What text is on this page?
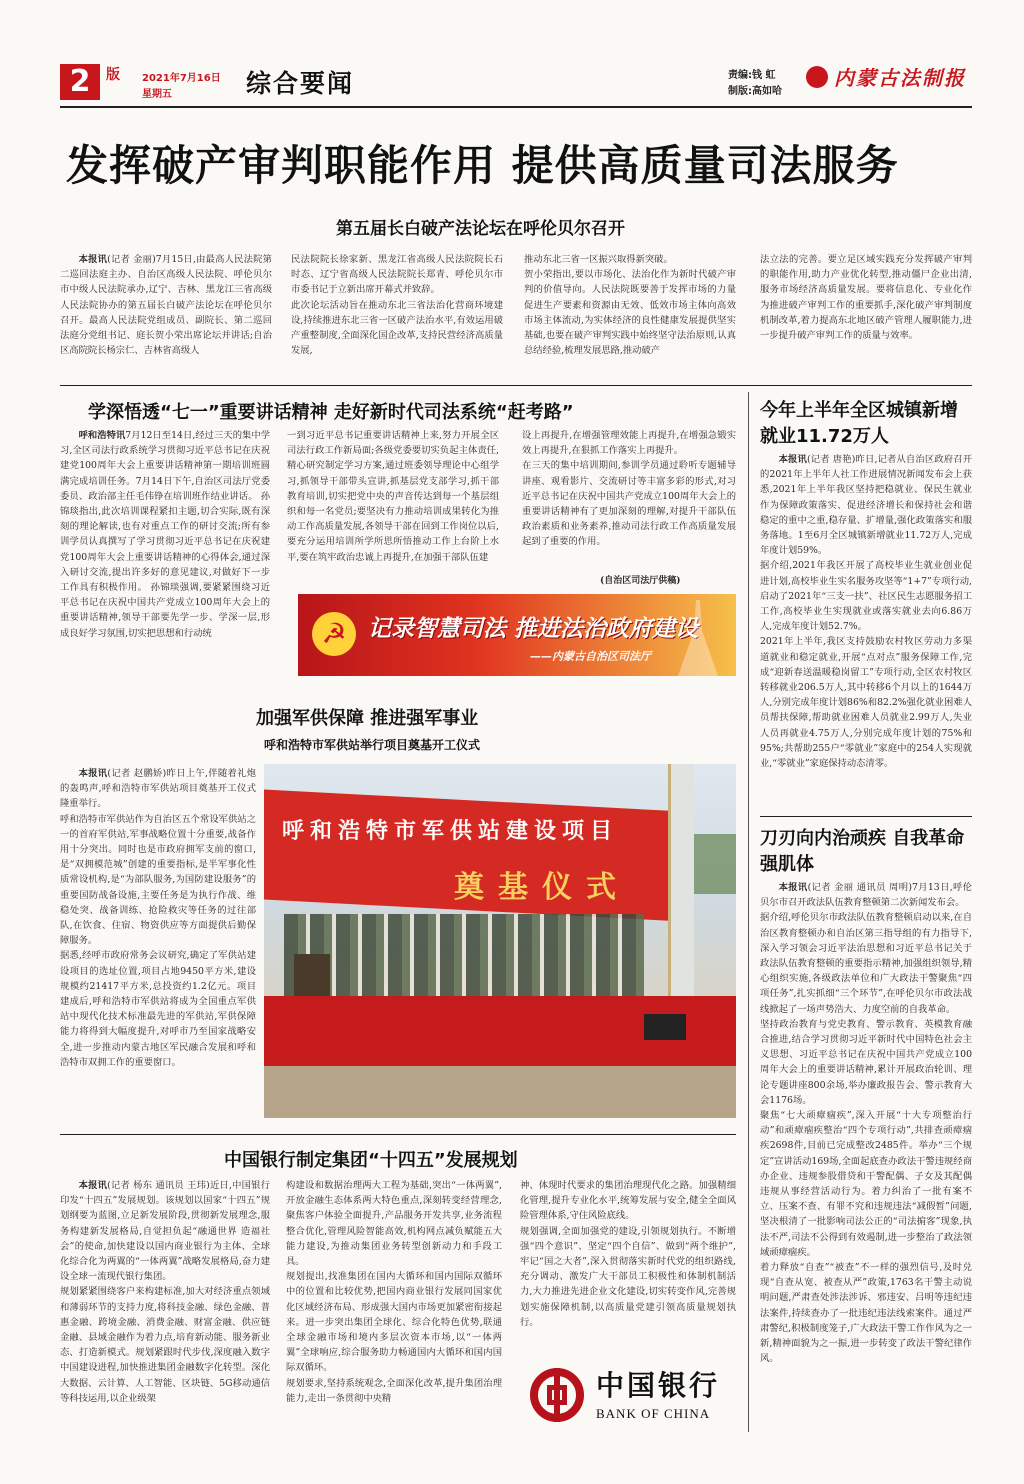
2	版 2021年7月16日
星期五	综合要闻	责编:钱 虹
制版:高如哈
内蒙古法制报
发挥破产审判职能作用 提供高质量司法服务
第五届长白破产法论坛在呼伦贝尔召开

本报讯(记者 金丽)7月15日,由最高人民法院第二巡回法庭主办、自治区高级人民法院、呼伦贝尔市中级人民法院承办,辽宁、吉林、黑龙江三省高级人民法院协办的第五届长白破产法论坛在呼伦贝尔召开。最高人民法院党组成员、副院长、第二巡回法庭分党组书记、庭长贺小荣出席论坛并讲话;自治区高院院长杨宗仁、吉林省高级人

民法院院长徐家新、黑龙江省高级人民法院院长石时态、辽宁省高级人民法院院长郑青、呼伦贝尔市市委书记于立新出席开幕式并致辞。
此次论坛活动旨在推动东北三省法治化营商环境建设,持续推进东北三省一区破产法治水平,有效运用破产重整制度,全面深化国企改革,支持民营经济高质量发展,
推动东北三省一区振兴取得新突破。
贺小荣指出,要以市场化、法治化作为新时代破产审判的价值导向。人民法院既要善于发挥市场的力量促进生产要素和资源由无效、低效市场主体向高效市场主体流动,为实体经济的良性健康发展提供坚实基础,也要在破产审判实践中始终坚守法治原则,认真总结经验,梳理发展思路,推动破产
法立法的完善。要立足区域实践充分发挥破产审判的职能作用,助力产业优化转型,推动僵尸企业出清,服务市场经济高质量发展。要将信息化、专业化作为推进破产审判工作的重要抓手,深化破产审判制度机制改革,着力提高东北地区破产管理人履职能力,进一步提升破产审判工作的质量与效率。
学深悟透“七一”重要讲话精神 走好新时代司法系统“赶考路”

呼和浩特讯7月12日至14日,经过三天的集中学习,全区司法行政系统学习贯彻习近平总书记在庆祝建党100周年大会上重要讲话精神第一期培训班圆满完成培训任务。7月14日下午,自治区司法厅党委委员、政治部主任毛伟铮在培训班作结业讲话。 孙锦琰指出,此次培训课程紧扣主题,切合实际,既有深刻的理论解读,也有对重点工作的研讨交流;所有参训学员认真撰写了学习贯彻习近平总书记在庆祝建党100周年大会上重要讲话精神的心得体会,通过深入研讨交流,提出许多好的意见建议,对做好下一步工作具有积极作用。 孙锦琰强调,要紧紧围绕习近平总书记在庆祝中国共产党成立100周年大会上的重要讲话精神,领导干部要先学一步、学深一层,形成良好学习氛围,切实把思想和行动统

一到习近平总书记重要讲话精神上来,努力开展全区司法行政工作新局面;各级党委要切实负起主体责任,精心研究制定学习方案,通过班委领导理论中心组学习,抓领导干部带头宣讲,抓基层党支部学习,抓干部教育培训,切实把党中央的声音传达到每一个基层组织和每一名党员;要坚决有力推动培训成果转化为推动工作高质量发展,各领导干部在回到工作岗位以后,要充分运用培训所学所思所悟推动工作上台阶上水平,要在筑牢政治忠诚上再提升,在加强干部队伍建
设上再提升,在增强管理效能上再提升,在增强急锻实效上再提升,在狠抓工作落实上再提升。
在三天的集中培训期间,参训学员通过聆听专题辅导讲座、观看影片、交流研讨等丰富多彩的形式,对习近平总书记在庆祝中国共产党成立100周年大会上的重要讲话精神有了更加深刻的理解,对提升干部队伍政治素质和业务素养,推动司法行政工作高质量发展起到了重要的作用。
(自治区司法厅供稿)
☭ 记录智慧司法 推进法治政府建设
——内蒙古自治区司法厅
加强军供保障 推进强军事业
呼和浩特市军供站举行项目奠基开工仪式

本报讯(记者 赵鹏娇)昨日上午,伴随着礼炮的轰鸣声,呼和浩特市军供站项目奠基开工仪式隆重举行。
呼和浩特市军供站作为自治区五个常设军供站之一的首府军供站,军事战略位置十分重要,战备作用十分突出。同时也是市政府拥军支前的窗口,是“双拥模范城”创建的重要指标,是半军事化性质常设机构,是“为部队服务,为国防建设服务”的重要国防战备设施,主要任务是为执行作战、维稳处突、战备训练、抢险救灾等任务的过往部队,在饮食、住宿、物资供应等方面提供后勤保障服务。
据悉,经呼市政府常务会议研究,确定了军供站建设项目的选址位置,项目占地9450平方米,建设规模约21417平方米,总投资约1.2亿元。项目建成后,呼和浩特市军供站将成为全国重点军供站中现代化技术标准最先进的军供站,军供保障能力将得到大幅度提升,对呼市乃至国家战略安全,进一步推动内蒙古地区军民融合发展和呼和浩特市双拥工作的重要窗口。

呼和浩特市军供站建设项目
奠基仪式
中国银行制定集团“十四五”发展规划

本报讯(记者 杨东 通讯员 王玮)近日,中国银行印发“十四五”发展规划。该规划以国家“十四五”规划纲要为蓝图,立足新发展阶段,贯彻新发展理念,服务构建新发展格局,自觉担负起“融通世界 造福社会”的使命,加快建设以国内商业银行为主体、全球化综合化为两翼的“一体两翼”战略发展格局,奋力建设全球一流现代银行集团。
规划紧紧围绕客户来构建标准,加大对经济重点领域和薄弱环节的支持力度,将科技金融、绿色金融、普惠金融、跨境金融、消费金融、财富金融、供应链金融、县域金融作为着力点,培育新动能、服务新业态、打造新模式。规划紧跟时代步伐,深度融入数字中国建设进程,加快推进集团金融数字化转型。深化大数据、云计算、人工智能、区块链、5G移动通信等科技运用,以企业级架

构建设和数据治理两大工程为基础,突出“一体两翼”,开放金融生态体系两大特色重点,深刻转变经营理念,聚焦客户体验全面提升,产品服务开发共享,业务流程整合优化,管理风险智能高效,机构网点减负赋能五大能力建设,为推动集团业务转型创新动力和手段工具。
规划提出,找准集团在国内大循环和国内国际双循环中的位置和比较优势,把国内商业银行发展同国家优化区域经济布局、形成强大国内市场更加紧密衔接起来。进一步突出集团全球化、综合化特色优势,联通全球金融市场和境内多层次资本市场,以“一体两翼”全球响应,综合服务助力畅通国内大循环和国内国际双循环。
规划要求,坚持系统观念,全面深化改革,提升集团治理能力,走出一条贯彻中央精
神、体现时代要求的集团治理现代化之路。加强精细化管理,提升专业化水平,统筹发展与安全,健全全面风险管理体系,守住风险底线。
规划强调,全面加强党的建设,引领规划执行。不断增强“四个意识”、坚定“四个自信”、做到“两个维护”,牢记“国之大者”,深入贯彻落实新时代党的组织路线,充分调动、激发广大干部员工积极性和体制机制活力,大力推进先进企业文化建设,切实转变作风,完善规划实施保障机制,以高质量党建引领高质量规划执行。
中国银行
BANK OF CHINA
今年上半年全区城镇新增就业11.72万人

本报讯(记者 唐艳)昨日,记者从自治区政府召开的2021年上半年人社工作进展情况新闻发布会上获悉,2021年上半年我区坚持把稳就业、保民生就业作为保障政策落实、促进经济增长和保持社会和谐稳定的重中之重,稳存量、扩增量,强化政策落实和服务落地。1至6月全区城镇新增就业11.72万人,完成年度计划59%。
据介绍,2021年我区开展了高校毕业生就业创业促进计划,高校毕业生实名服务攻坚等“1+7”专项行动,启动了2021年“三支一扶”、社区民生志愿服务招工工作,高校毕业生实现就业或落实就业去向6.86万人,完成年度计划52.7%。
2021年上半年,我区支持鼓励农村牧区劳动力多渠道就业和稳定就业,开展“点对点”服务保障工作,完成“迎新春送温暖稳岗留工”专项行动,全区农村牧区转移就业206.5万人,其中转移6个月以上的1644万人,分别完成年度计划86%和82.2%强化就业困难人员帮扶保障,帮助就业困难人员就业2.99万人,失业人员再就业4.75万人,分别完成年度计划的75%和95%;共帮助255户“零就业”家庭中的254人实现就业,“零就业”家庭保持动态清零。

刀刃向内治顽疾 自我革命强肌体

本报讯(记者 金丽 通讯员 周明)7月13日,呼伦贝尔市召开政法队伍教育整顿第二次新闻发布会。
据介绍,呼伦贝尔市政法队伍教育整顿启动以来,在自治区教育整顿办和自治区第三指导组的有力指导下,深入学习领会习近平法治思想和习近平总书记关于政法队伍教育整顿的重要指示精神,加强组织领导,精心组织实施,各级政法单位和广大政法干警聚焦“四项任务”,扎实抓细“三个环节”,在呼伦贝尔市政法战线掀起了一场声势浩大、力度空前的自我革命。
坚持政治教育与党史教育、警示教育、英模教育融合推进,结合学习贯彻习近平新时代中国特色社会主义思想、习近平总书记在庆祝中国共产党成立100周年大会上的重要讲话精神,累计开展政治轮训、理论专题讲座800余场,举办廉政报告会、警示教育大会1176场。
聚焦“七大顽瘴痼疾”,深入开展“十大专项整治行动”和顽瘴痼疾整治“四个专项行动”,共排查顽瘴痼疾2698件,目前已完成整改2485件。举办“三个规定”宣讲活动169场,全面起底查办政法干警违规经商办企业、违规参股借贷和干警配偶、子女及其配偶违规从事经营活动行为。着力纠治了一批有案不立、压案不查、有罪不究和违规违法“减假暂”问题,坚决根清了一批影响司法公正的“司法掮客”现象,执法不严,司法不公得到有效遏制,进一步整治了政法领域顽瘴痼疾。
着力释放“自查”“被查”不一样的强烈信号,及时兑现“自查从宽、被查从严”政策,1763名干警主动说明问题,严肃查处涉法涉诉、邪违安、吕明等违纪违法案件,持续查办了一批违纪违法线索案件。通过严肃警纪,积极制度笼子,广大政法干警工作作风为之一新,精神面貌为之一振,进一步转变了政法干警纪律作风。
